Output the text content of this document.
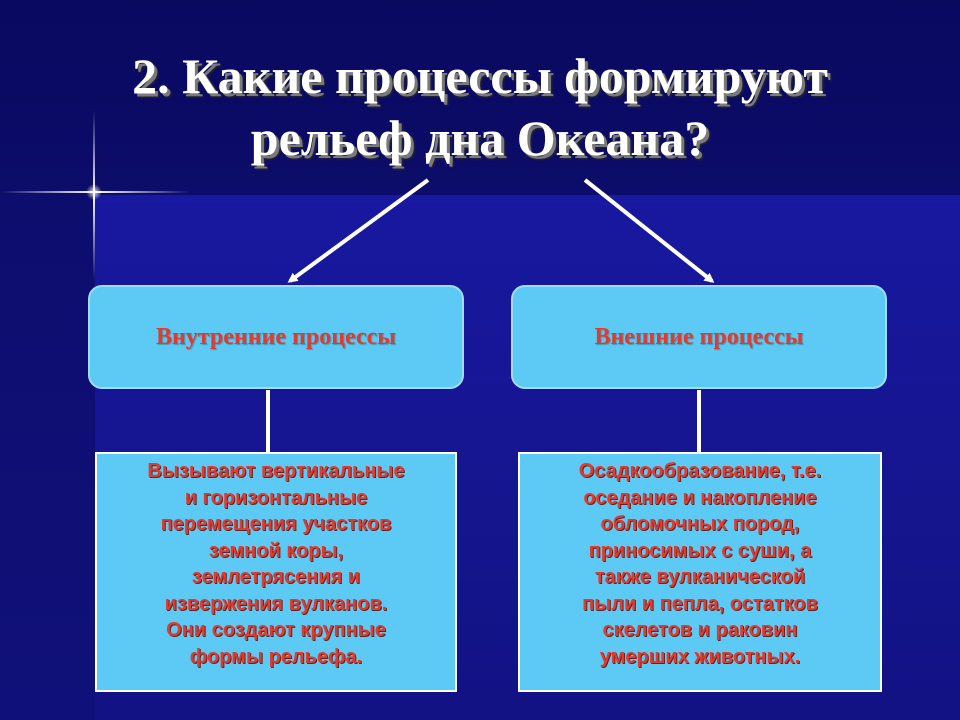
2. Какие процессы формируют
рельеф дна Океана?
Внутренние процессы	Внешние процессы

Вызывают вертикальные
и горизонтальные
перемещения участков
земной коры,
землетрясения и
извержения вулканов.
Они создают крупные
формы рельефа.

Осадкообразование, т.е.
оседание и накопление
обломочных пород,
приносимых с суши, а
также вулканической
пыли и пепла, остатков
скелетов и раковин
умерших животных.
